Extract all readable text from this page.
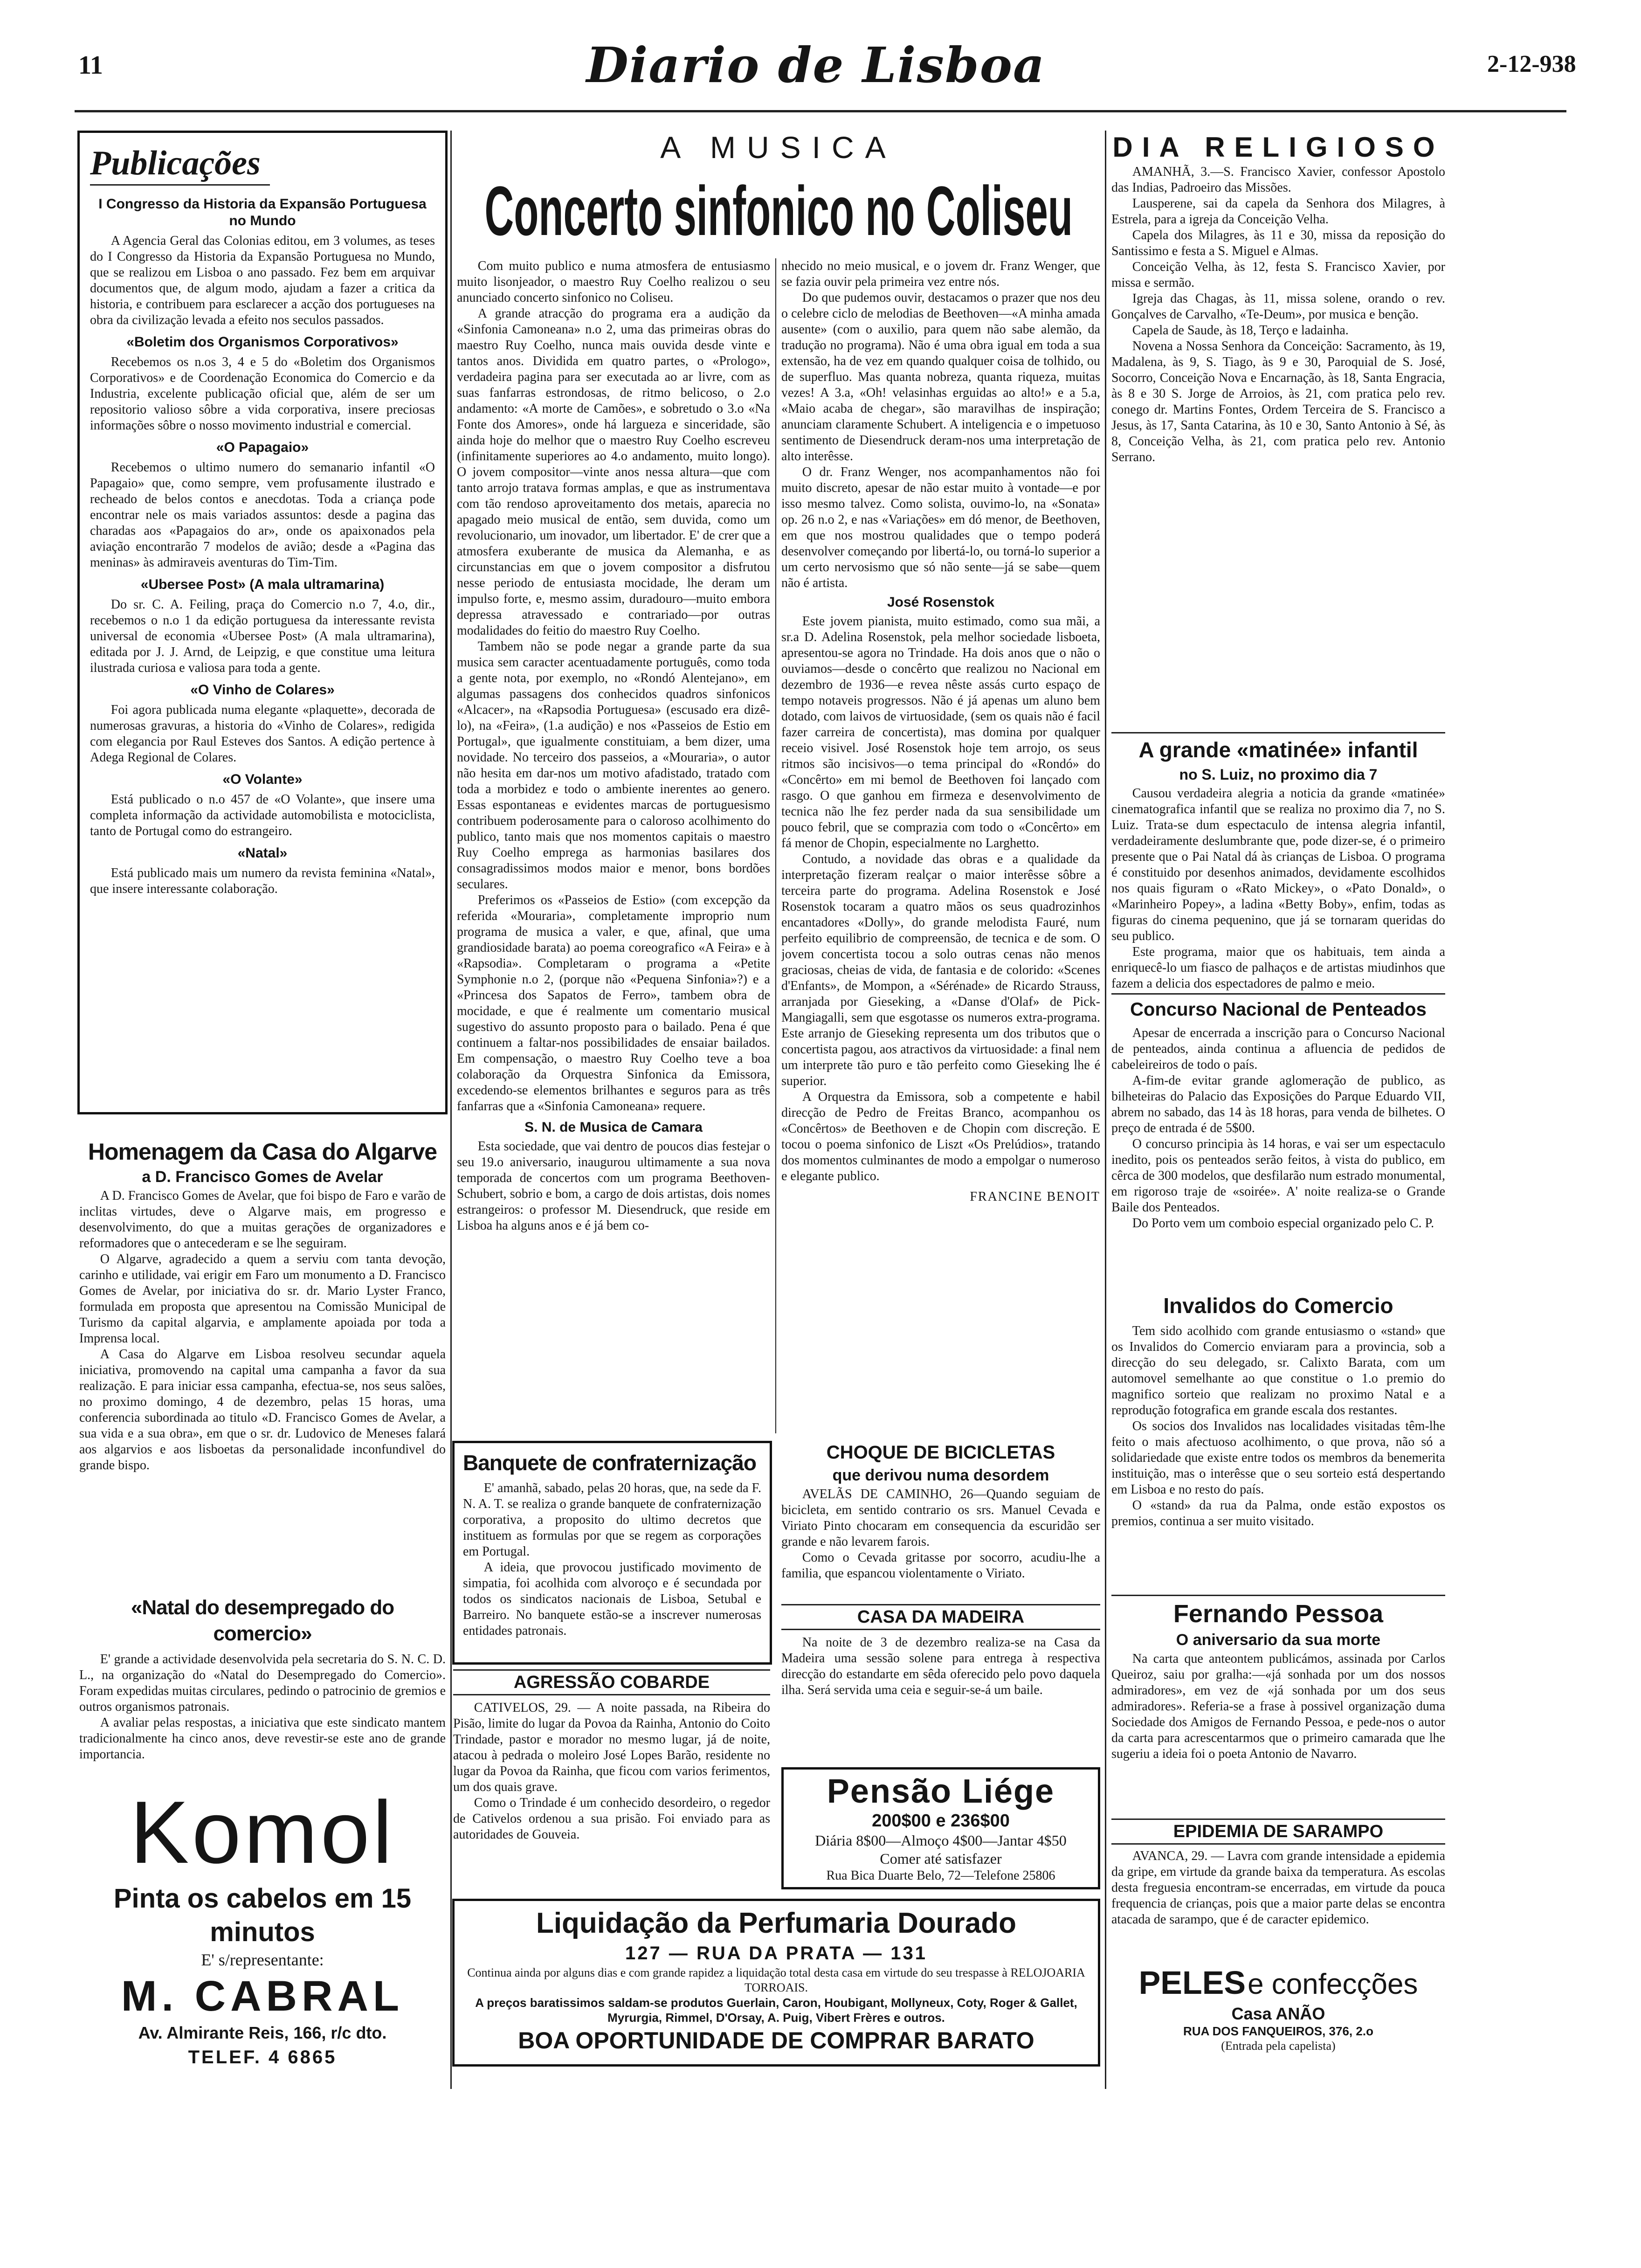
11	Diario de Lisboa	2-12-938
Publicações
I Congresso da Historia da Expansão Portuguesa no Mundo
A Agencia Geral das Colonias editou, em 3 volumes, as teses do I Congresso da Historia da Expansão Portuguesa no Mundo, que se realizou em Lisboa o ano passado. Fez bem em arquivar documentos que, de algum modo, ajudam a fazer a critica da historia, e contribuem para esclarecer a acção dos portugueses na obra da civilização levada a efeito nos seculos passados.
«Boletim dos Organismos Corporativos»
Recebemos os n.os 3, 4 e 5 do «Boletim dos Organismos Corporativos» e de Coordenação Economica do Comercio e da Industria, excelente publicação oficial que, além de ser um repositorio valioso sôbre a vida corporativa, insere preciosas informações sôbre o nosso movimento industrial e comercial.
«O Papagaio»
Recebemos o ultimo numero do semanario infantil «O Papagaio» que, como sempre, vem profusamente ilustrado e recheado de belos contos e anecdotas. Toda a criança pode encontrar nele os mais variados assuntos: desde a pagina das charadas aos «Papagaios do ar», onde os apaixonados pela aviação encontrarão 7 modelos de avião; desde a «Pagina das meninas» às admiraveis aventuras do Tim-Tim.
«Ubersee Post» (A mala ultramarina)
Do sr. C. A. Feiling, praça do Comercio n.o 7, 4.o, dir., recebemos o n.o 1 da edição portuguesa da interessante revista universal de economia «Ubersee Post» (A mala ultramarina), editada por J. J. Arnd, de Leipzig, e que constitue uma leitura ilustrada curiosa e valiosa para toda a gente.
«O Vinho de Colares»
Foi agora publicada numa elegante «plaquette», decorada de numerosas gravuras, a historia do «Vinho de Colares», redigida com elegancia por Raul Esteves dos Santos. A edição pertence à Adega Regional de Colares.
«O Volante»
Está publicado o n.o 457 de «O Volante», que insere uma completa informação da actividade automobilista e motociclista, tanto de Portugal como do estrangeiro.
«Natal»
Está publicado mais um numero da revista feminina «Natal», que insere interessante colaboração.
Homenagem da Casa do Algarve
a D. Francisco Gomes de Avelar

A D. Francisco Gomes de Avelar, que foi bispo de Faro e varão de inclitas virtudes, deve o Algarve mais, em progresso e desenvolvimento, do que a muitas gerações de organizadores e reformadores que o antecederam e se lhe seguiram.

O Algarve, agradecido a quem a serviu com tanta devoção, carinho e utilidade, vai erigir em Faro um monumento a D. Francisco Gomes de Avelar, por iniciativa do sr. dr. Mario Lyster Franco, formulada em proposta que apresentou na Comissão Municipal de Turismo da capital algarvia, e amplamente apoiada por toda a Imprensa local.

A Casa do Algarve em Lisboa resolveu secundar aquela iniciativa, promovendo na capital uma campanha a favor da sua realização. E para iniciar essa campanha, efectua-se, nos seus salões, no proximo domingo, 4 de dezembro, pelas 15 horas, uma conferencia subordinada ao titulo «D. Francisco Gomes de Avelar, a sua vida e a sua obra», em que o sr. dr. Ludovico de Meneses falará aos algarvios e aos lisboetas da personalidade inconfundivel do grande bispo.

«Natal do desempregado do comercio»

E' grande a actividade desenvolvida pela secretaria do S. N. C. D. L., na organização do «Natal do Desempregado do Comercio». Foram expedidas muitas circulares, pedindo o patrocinio de gremios e outros organismos patronais.

A avaliar pelas respostas, a iniciativa que este sindicato mantem tradicionalmente ha cinco anos, deve revestir-se este ano de grande importancia.

Komol
Pinta os cabelos em 15 minutos
E' s/representante:
M. CABRAL
Av. Almirante Reis, 166, r/c dto.
TELEF. 4 6865
A MUSICA
Concerto sinfonico no Coliseu

Com muito publico e numa atmosfera de entusiasmo muito lisonjeador, o maestro Ruy Coelho realizou o seu anunciado concerto sinfonico no Coliseu.

A grande atracção do programa era a audição da «Sinfonia Camoneana» n.o 2, uma das primeiras obras do maestro Ruy Coelho, nunca mais ouvida desde vinte e tantos anos. Dividida em quatro partes, o «Prologo», verdadeira pagina para ser executada ao ar livre, com as suas fanfarras estrondosas, de ritmo belicoso, o 2.o andamento: «A morte de Camões», e sobretudo o 3.o «Na Fonte dos Amores», onde há largueza e sinceridade, são ainda hoje do melhor que o maestro Ruy Coelho escreveu (infinitamente superiores ao 4.o andamento, muito longo). O jovem compositor—vinte anos nessa altura—que com tanto arrojo tratava formas amplas, e que as instrumentava com tão rendoso aproveitamento dos metais, aparecia no apagado meio musical de então, sem duvida, como um revolucionario, um inovador, um libertador. E' de crer que a atmosfera exuberante de musica da Alemanha, e as circunstancias em que o jovem compositor a disfrutou nesse periodo de entusiasta mocidade, lhe deram um impulso forte, e, mesmo assim, duradouro—muito embora depressa atravessado e contrariado—por outras modalidades do feitio do maestro Ruy Coelho.

Tambem não se pode negar a grande parte da sua musica sem caracter acentuadamente português, como toda a gente nota, por exemplo, no «Rondó Alentejano», em algumas passagens dos conhecidos quadros sinfonicos «Alcacer», na «Rapsodia Portuguesa» (escusado era dizê-lo), na «Feira», (1.a audição) e nos «Passeios de Estio em Portugal», que igualmente constituiam, a bem dizer, uma novidade. No terceiro dos passeios, a «Mouraria», o autor não hesita em dar-nos um motivo afadistado, tratado com toda a morbidez e todo o ambiente inerentes ao genero. Essas espontaneas e evidentes marcas de portuguesismo contribuem poderosamente para o caloroso acolhimento do publico, tanto mais que nos momentos capitais o maestro Ruy Coelho emprega as harmonias basilares dos consagradissimos modos maior e menor, bons bordões seculares.

Preferimos os «Passeios de Estio» (com excepção da referida «Mouraria», completamente improprio num programa de musica a valer, e que, afinal, que uma grandiosidade barata) ao poema coreografico «A Feira» e à «Rapsodia». Completaram o programa a «Petite Symphonie n.o 2, (porque não «Pequena Sinfonia»?) e a «Princesa dos Sapatos de Ferro», tambem obra de mocidade, e que é realmente um comentario musical sugestivo do assunto proposto para o bailado. Pena é que continuem a faltar-nos possibilidades de ensaiar bailados. Em compensação, o maestro Ruy Coelho teve a boa colaboração da Orquestra Sinfonica da Emissora, excedendo-se elementos brilhantes e seguros para as três fanfarras que a «Sinfonia Camoneana» requere.

S. N. de Musica de Camara

Esta sociedade, que vai dentro de poucos dias festejar o seu 19.o aniversario, inaugurou ultimamente a sua nova temporada de concertos com um programa Beethoven-Schubert, sobrio e bom, a cargo de dois artistas, dois nomes estrangeiros: o professor M. Diesendruck, que reside em Lisboa ha alguns anos e é já bem co-

nhecido no meio musical, e o jovem dr. Franz Wenger, que se fazia ouvir pela primeira vez entre nós.

Do que pudemos ouvir, destacamos o prazer que nos deu o celebre ciclo de melodias de Beethoven—«A minha amada ausente» (com o auxilio, para quem não sabe alemão, da tradução no programa). Não é uma obra igual em toda a sua extensão, ha de vez em quando qualquer coisa de tolhido, ou de superfluo. Mas quanta nobreza, quanta riqueza, muitas vezes! A 3.a, «Oh! velasinhas erguidas ao alto!» e a 5.a, «Maio acaba de chegar», são maravilhas de inspiração; anunciam claramente Schubert. A inteligencia e o impetuoso sentimento de Diesendruck deram-nos uma interpretação de alto interêsse.

O dr. Franz Wenger, nos acompanhamentos não foi muito discreto, apesar de não estar muito à vontade—e por isso mesmo talvez. Como solista, ouvimo-lo, na «Sonata» op. 26 n.o 2, e nas «Variações» em dó menor, de Beethoven, em que nos mostrou qualidades que o tempo poderá desenvolver começando por libertá-lo, ou torná-lo superior a um certo nervosismo que só não sente—já se sabe—quem não é artista.

José Rosenstok

Este jovem pianista, muito estimado, como sua mãi, a sr.a D. Adelina Rosenstok, pela melhor sociedade lisboeta, apresentou-se agora no Trindade. Ha dois anos que o não o ouviamos—desde o concêrto que realizou no Nacional em dezembro de 1936—e revea nêste assás curto espaço de tempo notaveis progressos. Não é já apenas um aluno bem dotado, com laivos de virtuosidade, (sem os quais não é facil fazer carreira de concertista), mas domina por qualquer receio visivel. José Rosenstok hoje tem arrojo, os seus ritmos são incisivos—o tema principal do «Rondó» do «Concêrto» em mi bemol de Beethoven foi lançado com rasgo. O que ganhou em firmeza e desenvolvimento de tecnica não lhe fez perder nada da sua sensibilidade um pouco febril, que se comprazia com todo o «Concêrto» em fá menor de Chopin, especialmente no Larghetto.

Contudo, a novidade das obras e a qualidade da interpretação fizeram realçar o maior interêsse sôbre a terceira parte do programa. Adelina Rosenstok e José Rosenstok tocaram a quatro mãos os seus quadrozinhos encantadores «Dolly», do grande melodista Fauré, num perfeito equilibrio de compreensão, de tecnica e de som. O jovem concertista tocou a solo outras cenas não menos graciosas, cheias de vida, de fantasia e de colorido: «Scenes d'Enfants», de Mompon, a «Sérénade» de Ricardo Strauss, arranjada por Gieseking, a «Danse d'Olaf» de Pick-Mangiagalli, sem que esgotasse os numeros extra-programa. Este arranjo de Gieseking representa um dos tributos que o concertista pagou, aos atractivos da virtuosidade: a final nem um interprete tão puro e tão perfeito como Gieseking lhe é superior.

A Orquestra da Emissora, sob a competente e habil direcção de Pedro de Freitas Branco, acompanhou os «Concêrtos» de Beethoven e de Chopin com discreção. E tocou o poema sinfonico de Liszt «Os Prelúdios», tratando dos momentos culminantes de modo a empolgar o numeroso e elegante publico.

FRANCINE BENOIT
Banquete de confraternização

E' amanhã, sabado, pelas 20 horas, que, na sede da F. N. A. T. se realiza o grande banquete de confraternização corporativa, a proposito do ultimo decretos que instituem as formulas por que se regem as corporações em Portugal.

A ideia, que provocou justificado movimento de simpatia, foi acolhida com alvoroço e é secundada por todos os sindicatos nacionais de Lisboa, Setubal e Barreiro. No banquete estão-se a inscrever numerosas entidades patronais.

AGRESSÃO COBARDE

CATIVELOS, 29. — A noite passada, na Ribeira do Pisão, limite do lugar da Povoa da Rainha, Antonio do Coito Trindade, pastor e morador no mesmo lugar, já de noite, atacou à pedrada o moleiro José Lopes Barão, residente no lugar da Povoa da Rainha, que ficou com varios ferimentos, um dos quais grave.

Como o Trindade é um conhecido desordeiro, o regedor de Cativelos ordenou a sua prisão. Foi enviado para as autoridades de Gouveia.

CHOQUE DE BICICLETAS
que derivou numa desordem

AVELÃS DE CAMINHO, 26—Quando seguiam de bicicleta, em sentido contrario os srs. Manuel Cevada e Viriato Pinto chocaram em consequencia da escuridão ser grande e não levarem farois.

Como o Cevada gritasse por socorro, acudiu-lhe a familia, que espancou violentamente o Viriato.

CASA DA MADEIRA

Na noite de 3 de dezembro realiza-se na Casa da Madeira uma sessão solene para entrega à respectiva direcção do estandarte em sêda oferecido pelo povo daquela ilha. Será servida uma ceia e seguir-se-á um baile.

Pensão Liége
200$00 e 236$00
Diária 8$00—Almoço 4$00—Jantar 4$50
Comer até satisfazer
Rua Bica Duarte Belo, 72—Telefone 25806
Liquidação da Perfumaria Dourado
127 — RUA DA PRATA — 131
Continua ainda por alguns dias e com grande rapidez a liquidação total desta casa em virtude do seu trespasse à RELOJOARIA TORROAIS.
A preços baratissimos saldam-se produtos Guerlain, Caron, Houbigant, Mollyneux, Coty, Roger & Gallet, Myrurgia, Rimmel, D'Orsay, A. Puig, Vibert Frères e outros.
BOA OPORTUNIDADE DE COMPRAR BARATO
DIA RELIGIOSO

AMANHÃ, 3.—S. Francisco Xavier, confessor Apostolo das Indias, Padroeiro das Missões.

Lausperene, sai da capela da Senhora dos Milagres, à Estrela, para a igreja da Conceição Velha.

Capela dos Milagres, às 11 e 30, missa da reposição do Santissimo e festa a S. Miguel e Almas.

Conceição Velha, às 12, festa S. Francisco Xavier, por missa e sermão.

Igreja das Chagas, às 11, missa solene, orando o rev. Gonçalves de Carvalho, «Te-Deum», por musica e benção.

Capela de Saude, às 18, Terço e ladainha.

Novena a Nossa Senhora da Conceição: Sacramento, às 19, Madalena, às 9, S. Tiago, às 9 e 30, Paroquial de S. José, Socorro, Conceição Nova e Encarnação, às 18, Santa Engracia, às 8 e 30 S. Jorge de Arroios, às 21, com pratica pelo rev. conego dr. Martins Fontes, Ordem Terceira de S. Francisco a Jesus, às 17, Santa Catarina, às 10 e 30, Santo Antonio à Sé, às 8, Conceição Velha, às 21, com pratica pelo rev. Antonio Serrano.

A grande «matinée» infantil
no S. Luiz, no proximo dia 7

Causou verdadeira alegria a noticia da grande «matinée» cinematografica infantil que se realiza no proximo dia 7, no S. Luiz. Trata-se dum espectaculo de intensa alegria infantil, verdadeiramente deslumbrante que, pode dizer-se, é o primeiro presente que o Pai Natal dá às crianças de Lisboa. O programa é constituido por desenhos animados, devidamente escolhidos nos quais figuram o «Rato Mickey», o «Pato Donald», o «Marinheiro Popey», a ladina «Betty Boby», enfim, todas as figuras do cinema pequenino, que já se tornaram queridas do seu publico.

Este programa, maior que os habituais, tem ainda a enriquecê-lo um fiasco de palhaços e de artistas miudinhos que fazem a delicia dos espectadores de palmo e meio.

Concurso Nacional de Penteados

Apesar de encerrada a inscrição para o Concurso Nacional de penteados, ainda continua a afluencia de pedidos de cabeleireiros de todo o país.

A-fim-de evitar grande aglomeração de publico, as bilheteiras do Palacio das Exposições do Parque Eduardo VII, abrem no sabado, das 14 às 18 horas, para venda de bilhetes. O preço de entrada é de 5$00.

O concurso principia às 14 horas, e vai ser um espectaculo inedito, pois os penteados serão feitos, à vista do publico, em cêrca de 300 modelos, que desfilarão num estrado monumental, em rigoroso traje de «soirée». A' noite realiza-se o Grande Baile dos Penteados.

Do Porto vem um comboio especial organizado pelo C. P.

Invalidos do Comercio

Tem sido acolhido com grande entusiasmo o «stand» que os Invalidos do Comercio enviaram para a provincia, sob a direcção do seu delegado, sr. Calixto Barata, com um automovel semelhante ao que constitue o 1.o premio do magnifico sorteio que realizam no proximo Natal e a reprodução fotografica em grande escala dos restantes.

Os socios dos Invalidos nas localidades visitadas têm-lhe feito o mais afectuoso acolhimento, o que prova, não só a solidariedade que existe entre todos os membros da benemerita instituição, mas o interêsse que o seu sorteio está despertando em Lisboa e no resto do país.

O «stand» da rua da Palma, onde estão expostos os premios, continua a ser muito visitado.

Fernando Pessoa
O aniversario da sua morte

Na carta que anteontem publicámos, assinada por Carlos Queiroz, saiu por gralha:—«já sonhada por um dos nossos admiradores», em vez de «já sonhada por um dos seus admiradores». Referia-se a frase à possivel organização duma Sociedade dos Amigos de Fernando Pessoa, e pede-nos o autor da carta para acrescentarmos que o primeiro camarada que lhe sugeriu a ideia foi o poeta Antonio de Navarro.

EPIDEMIA DE SARAMPO

AVANCA, 29. — Lavra com grande intensidade a epidemia da gripe, em virtude da grande baixa da temperatura. As escolas desta freguesia encontram-se encerradas, em virtude da pouca frequencia de crianças, pois que a maior parte delas se encontra atacada de sarampo, que é de caracter epidemico.

PELES e confecções
Casa ANÃO
RUA DOS FANQUEIROS, 376, 2.o
(Entrada pela capelista)
